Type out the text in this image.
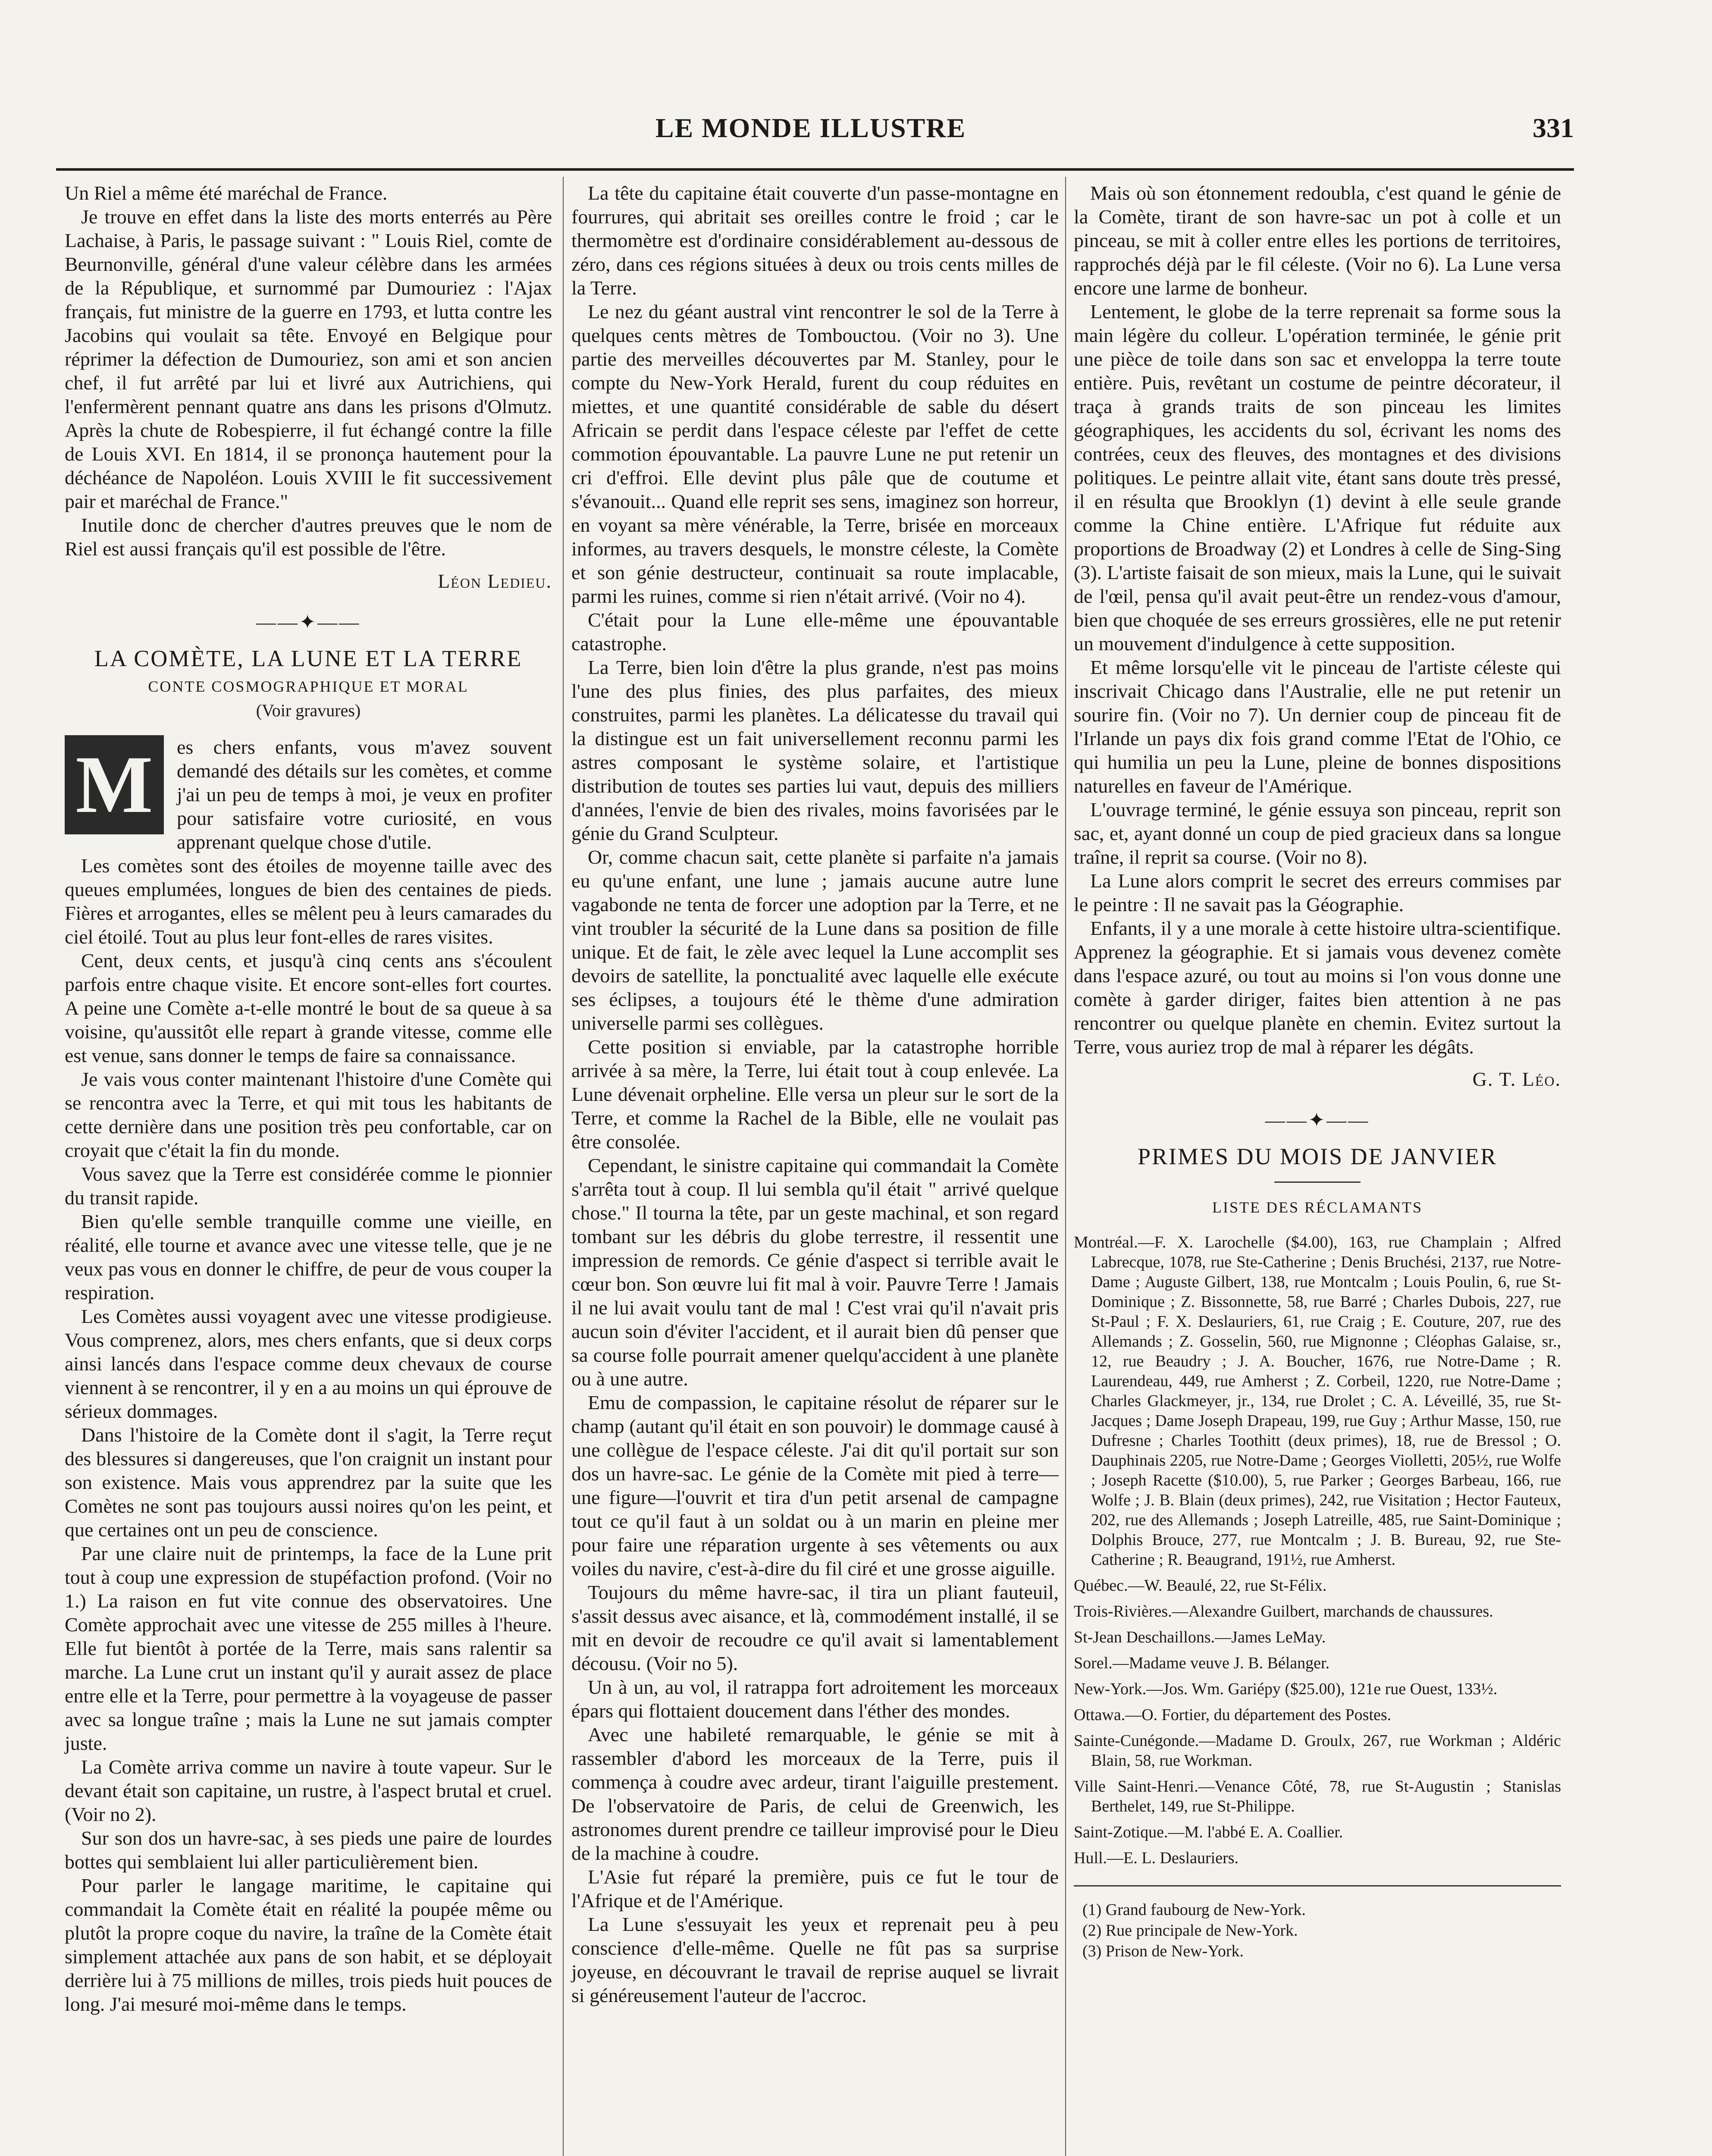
LE MONDE ILLUSTRE	331

Un Riel a même été maréchal de France.

Je trouve en effet dans la liste des morts enterrés au Père Lachaise, à Paris, le passage suivant : " Louis Riel, comte de Beurnonville, général d'une valeur célèbre dans les armées de la République, et surnommé par Dumouriez : l'Ajax français, fut ministre de la guerre en 1793, et lutta contre les Jacobins qui voulait sa tête. Envoyé en Belgique pour réprimer la défection de Dumouriez, son ami et son ancien chef, il fut arrêté par lui et livré aux Autrichiens, qui l'enfermèrent pennant quatre ans dans les prisons d'Olmutz. Après la chute de Robespierre, il fut échangé contre la fille de Louis XVI. En 1814, il se prononça hautement pour la déchéance de Napoléon. Louis XVIII le fit successivement pair et maréchal de France."

Inutile donc de chercher d'autres preuves que le nom de Riel est aussi français qu'il est possible de l'être.

Léon Ledieu.
——✦——
LA COMÈTE, LA LUNE ET LA TERRE
CONTE COSMOGRAPHIQUE ET MORAL
(Voir gravures)

M	es chers enfants, vous m'avez souvent demandé des détails sur les comètes, et comme j'ai un peu de temps à moi, je veux en profiter pour satisfaire votre curiosité, en vous apprenant quelque chose d'utile.

Les comètes sont des étoiles de moyenne taille avec des queues emplumées, longues de bien des centaines de pieds. Fières et arrogantes, elles se mêlent peu à leurs camarades du ciel étoilé. Tout au plus leur font-elles de rares visites.

Cent, deux cents, et jusqu'à cinq cents ans s'écoulent parfois entre chaque visite. Et encore sont-elles fort courtes. A peine une Comète a-t-elle montré le bout de sa queue à sa voisine, qu'aussitôt elle repart à grande vitesse, comme elle est venue, sans donner le temps de faire sa connaissance.

Je vais vous conter maintenant l'histoire d'une Comète qui se rencontra avec la Terre, et qui mit tous les habitants de cette dernière dans une position très peu confortable, car on croyait que c'était la fin du monde.

Vous savez que la Terre est considérée comme le pionnier du transit rapide.

Bien qu'elle semble tranquille comme une vieille, en réalité, elle tourne et avance avec une vitesse telle, que je ne veux pas vous en donner le chiffre, de peur de vous couper la respiration.

Les Comètes aussi voyagent avec une vitesse prodigieuse. Vous comprenez, alors, mes chers enfants, que si deux corps ainsi lancés dans l'espace comme deux chevaux de course viennent à se rencontrer, il y en a au moins un qui éprouve de sérieux dommages.

Dans l'histoire de la Comète dont il s'agit, la Terre reçut des blessures si dangereuses, que l'on craignit un instant pour son existence. Mais vous apprendrez par la suite que les Comètes ne sont pas toujours aussi noires qu'on les peint, et que certaines ont un peu de conscience.

Par une claire nuit de printemps, la face de la Lune prit tout à coup une expression de stupéfaction profond. (Voir no 1.) La raison en fut vite connue des observatoires. Une Comète approchait avec une vitesse de 255 milles à l'heure. Elle fut bientôt à portée de la Terre, mais sans ralentir sa marche. La Lune crut un instant qu'il y aurait assez de place entre elle et la Terre, pour permettre à la voyageuse de passer avec sa longue traîne ; mais la Lune ne sut jamais compter juste.

La Comète arriva comme un navire à toute vapeur. Sur le devant était son capitaine, un rustre, à l'aspect brutal et cruel. (Voir no 2).

Sur son dos un havre-sac, à ses pieds une paire de lourdes bottes qui semblaient lui aller particulièrement bien.

Pour parler le langage maritime, le capitaine qui commandait la Comète était en réalité la poupée même ou plutôt la propre coque du navire, la traîne de la Comète était simplement attachée aux pans de son habit, et se déployait derrière lui à 75 millions de milles, trois pieds huit pouces de long. J'ai mesuré moi-même dans le temps.

La tête du capitaine était couverte d'un passe-montagne en fourrures, qui abritait ses oreilles contre le froid ; car le thermomètre est d'ordinaire considérablement au-dessous de zéro, dans ces régions situées à deux ou trois cents milles de la Terre.

Le nez du géant austral vint rencontrer le sol de la Terre à quelques cents mètres de Tombouctou. (Voir no 3). Une partie des merveilles découvertes par M. Stanley, pour le compte du New-York Herald, furent du coup réduites en miettes, et une quantité considérable de sable du désert Africain se perdit dans l'espace céleste par l'effet de cette commotion épouvantable. La pauvre Lune ne put retenir un cri d'effroi. Elle devint plus pâle que de coutume et s'évanouit... Quand elle reprit ses sens, imaginez son horreur, en voyant sa mère vénérable, la Terre, brisée en morceaux informes, au travers desquels, le monstre céleste, la Comète et son génie destructeur, continuait sa route implacable, parmi les ruines, comme si rien n'était arrivé. (Voir no 4).

C'était pour la Lune elle-même une épouvantable catastrophe.

La Terre, bien loin d'être la plus grande, n'est pas moins l'une des plus finies, des plus parfaites, des mieux construites, parmi les planètes. La délicatesse du travail qui la distingue est un fait universellement reconnu parmi les astres composant le système solaire, et l'artistique distribution de toutes ses parties lui vaut, depuis des milliers d'années, l'envie de bien des rivales, moins favorisées par le génie du Grand Sculpteur.

Or, comme chacun sait, cette planète si parfaite n'a jamais eu qu'une enfant, une lune ; jamais aucune autre lune vagabonde ne tenta de forcer une adoption par la Terre, et ne vint troubler la sécurité de la Lune dans sa position de fille unique. Et de fait, le zèle avec lequel la Lune accomplit ses devoirs de satellite, la ponctualité avec laquelle elle exécute ses éclipses, a toujours été le thème d'une admiration universelle parmi ses collègues.

Cette position si enviable, par la catastrophe horrible arrivée à sa mère, la Terre, lui était tout à coup enlevée. La Lune dévenait orpheline. Elle versa un pleur sur le sort de la Terre, et comme la Rachel de la Bible, elle ne voulait pas être consolée.

Cependant, le sinistre capitaine qui commandait la Comète s'arrêta tout à coup. Il lui sembla qu'il était " arrivé quelque chose." Il tourna la tête, par un geste machinal, et son regard tombant sur les débris du globe terrestre, il ressentit une impression de remords. Ce génie d'aspect si terrible avait le cœur bon. Son œuvre lui fit mal à voir. Pauvre Terre ! Jamais il ne lui avait voulu tant de mal ! C'est vrai qu'il n'avait pris aucun soin d'éviter l'accident, et il aurait bien dû penser que sa course folle pourrait amener quelqu'accident à une planète ou à une autre.

Emu de compassion, le capitaine résolut de réparer sur le champ (autant qu'il était en son pouvoir) le dommage causé à une collègue de l'espace céleste. J'ai dit qu'il portait sur son dos un havre-sac. Le génie de la Comète mit pied à terre—une figure—l'ouvrit et tira d'un petit arsenal de campagne tout ce qu'il faut à un soldat ou à un marin en pleine mer pour faire une réparation urgente à ses vêtements ou aux voiles du navire, c'est-à-dire du fil ciré et une grosse aiguille.

Toujours du même havre-sac, il tira un pliant fauteuil, s'assit dessus avec aisance, et là, commodément installé, il se mit en devoir de recoudre ce qu'il avait si lamentablement décousu. (Voir no 5).

Un à un, au vol, il ratrappa fort adroitement les morceaux épars qui flottaient doucement dans l'éther des mondes.

Avec une habileté remarquable, le génie se mit à rassembler d'abord les morceaux de la Terre, puis il commença à coudre avec ardeur, tirant l'aiguille prestement. De l'observatoire de Paris, de celui de Greenwich, les astronomes durent prendre ce tailleur improvisé pour le Dieu de la machine à coudre.

L'Asie fut réparé la première, puis ce fut le tour de l'Afrique et de l'Amérique.

La Lune s'essuyait les yeux et reprenait peu à peu conscience d'elle-même. Quelle ne fût pas sa surprise joyeuse, en découvrant le travail de reprise auquel se livrait si généreusement l'auteur de l'accroc.

Mais où son étonnement redoubla, c'est quand le génie de la Comète, tirant de son havre-sac un pot à colle et un pinceau, se mit à coller entre elles les portions de territoires, rapprochés déjà par le fil céleste. (Voir no 6). La Lune versa encore une larme de bonheur.

Lentement, le globe de la terre reprenait sa forme sous la main légère du colleur. L'opération terminée, le génie prit une pièce de toile dans son sac et enveloppa la terre toute entière. Puis, revêtant un costume de peintre décorateur, il traça à grands traits de son pinceau les limites géographiques, les accidents du sol, écrivant les noms des contrées, ceux des fleuves, des montagnes et des divisions politiques. Le peintre allait vite, étant sans doute très pressé, il en résulta que Brooklyn (1) devint à elle seule grande comme la Chine entière. L'Afrique fut réduite aux proportions de Broadway (2) et Londres à celle de Sing-Sing (3). L'artiste faisait de son mieux, mais la Lune, qui le suivait de l'œil, pensa qu'il avait peut-être un rendez-vous d'amour, bien que choquée de ses erreurs grossières, elle ne put retenir un mouvement d'indulgence à cette supposition.

Et même lorsqu'elle vit le pinceau de l'artiste céleste qui inscrivait Chicago dans l'Australie, elle ne put retenir un sourire fin. (Voir no 7). Un dernier coup de pinceau fit de l'Irlande un pays dix fois grand comme l'Etat de l'Ohio, ce qui humilia un peu la Lune, pleine de bonnes dispositions naturelles en faveur de l'Amérique.

L'ouvrage terminé, le génie essuya son pinceau, reprit son sac, et, ayant donné un coup de pied gracieux dans sa longue traîne, il reprit sa course. (Voir no 8).

La Lune alors comprit le secret des erreurs commises par le peintre : Il ne savait pas la Géographie.

Enfants, il y a une morale à cette histoire ultra-scientifique. Apprenez la géographie. Et si jamais vous devenez comète dans l'espace azuré, ou tout au moins si l'on vous donne une comète à garder diriger, faites bien attention à ne pas rencontrer ou quelque planète en chemin. Evitez surtout la Terre, vous auriez trop de mal à réparer les dégâts.

G. T. Léo.
——✦——
PRIMES DU MOIS DE JANVIER
LISTE DES RÉCLAMANTS

Montréal.—F. X. Larochelle ($4.00), 163, rue Champlain ; Alfred Labrecque, 1078, rue Ste-Catherine ; Denis Bruchési, 2137, rue Notre-Dame ; Auguste Gilbert, 138, rue Montcalm ; Louis Poulin, 6, rue St-Dominique ; Z. Bissonnette, 58, rue Barré ; Charles Dubois, 227, rue St-Paul ; F. X. Deslauriers, 61, rue Craig ; E. Couture, 207, rue des Allemands ; Z. Gosselin, 560, rue Mignonne ; Cléophas Galaise, sr., 12, rue Beaudry ; J. A. Boucher, 1676, rue Notre-Dame ; R. Laurendeau, 449, rue Amherst ; Z. Corbeil, 1220, rue Notre-Dame ; Charles Glackmeyer, jr., 134, rue Drolet ; C. A. Léveillé, 35, rue St-Jacques ; Dame Joseph Drapeau, 199, rue Guy ; Arthur Masse, 150, rue Dufresne ; Charles Toothitt (deux primes), 18, rue de Bressol ; O. Dauphinais 2205, rue Notre-Dame ; Georges Violletti, 205½, rue Wolfe ; Joseph Racette ($10.00), 5, rue Parker ; Georges Barbeau, 166, rue Wolfe ; J. B. Blain (deux primes), 242, rue Visitation ; Hector Fauteux, 202, rue des Allemands ; Joseph Latreille, 485, rue Saint-Dominique ; Dolphis Brouce, 277, rue Montcalm ; J. B. Bureau, 92, rue Ste-Catherine ; R. Beaugrand, 191½, rue Amherst.

Québec.—W. Beaulé, 22, rue St-Félix.

Trois-Rivières.—Alexandre Guilbert, marchands de chaussures.

St-Jean Deschaillons.—James LeMay.

Sorel.—Madame veuve J. B. Bélanger.

New-York.—Jos. Wm. Gariépy ($25.00), 121e rue Ouest, 133½.

Ottawa.—O. Fortier, du département des Postes.

Sainte-Cunégonde.—Madame D. Groulx, 267, rue Workman ; Aldéric Blain, 58, rue Workman.

Ville Saint-Henri.—Venance Côté, 78, rue St-Augustin ; Stanislas Berthelet, 149, rue St-Philippe.

Saint-Zotique.—M. l'abbé E. A. Coallier.

Hull.—E. L. Deslauriers.

(1) Grand faubourg de New-York.
(2) Rue principale de New-York.
(3) Prison de New-York.
